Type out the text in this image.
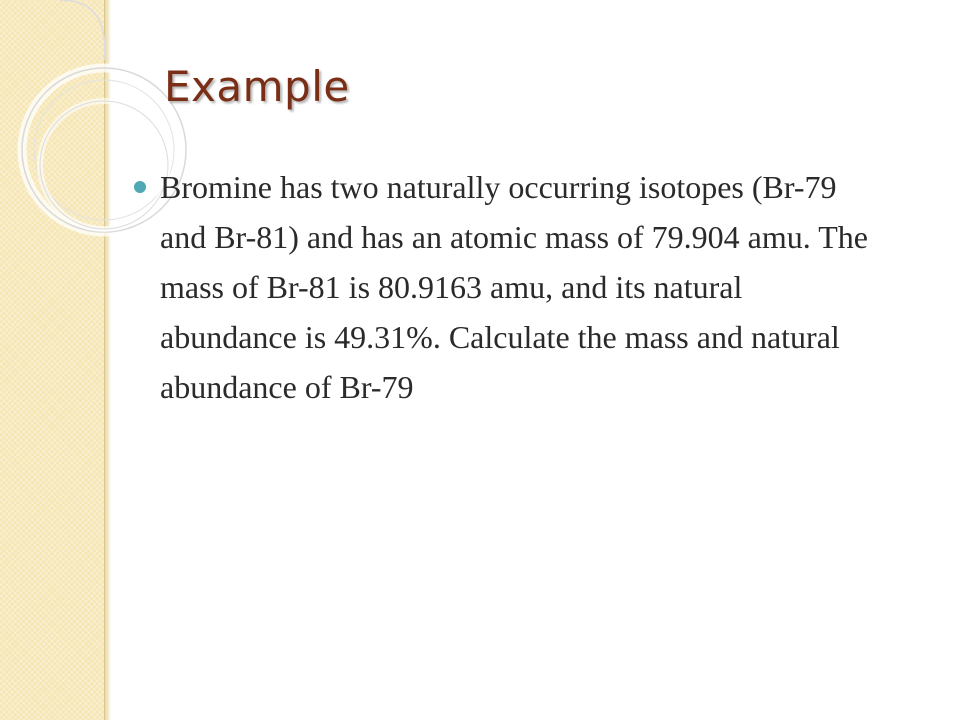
Example
Bromine has two naturally occurring isotopes (Br-79 and Br-81) and has an atomic mass of 79.904 amu. The mass of Br-81 is 80.9163 amu, and its natural abundance is 49.31%. Calculate the mass and natural abundance of Br-79
